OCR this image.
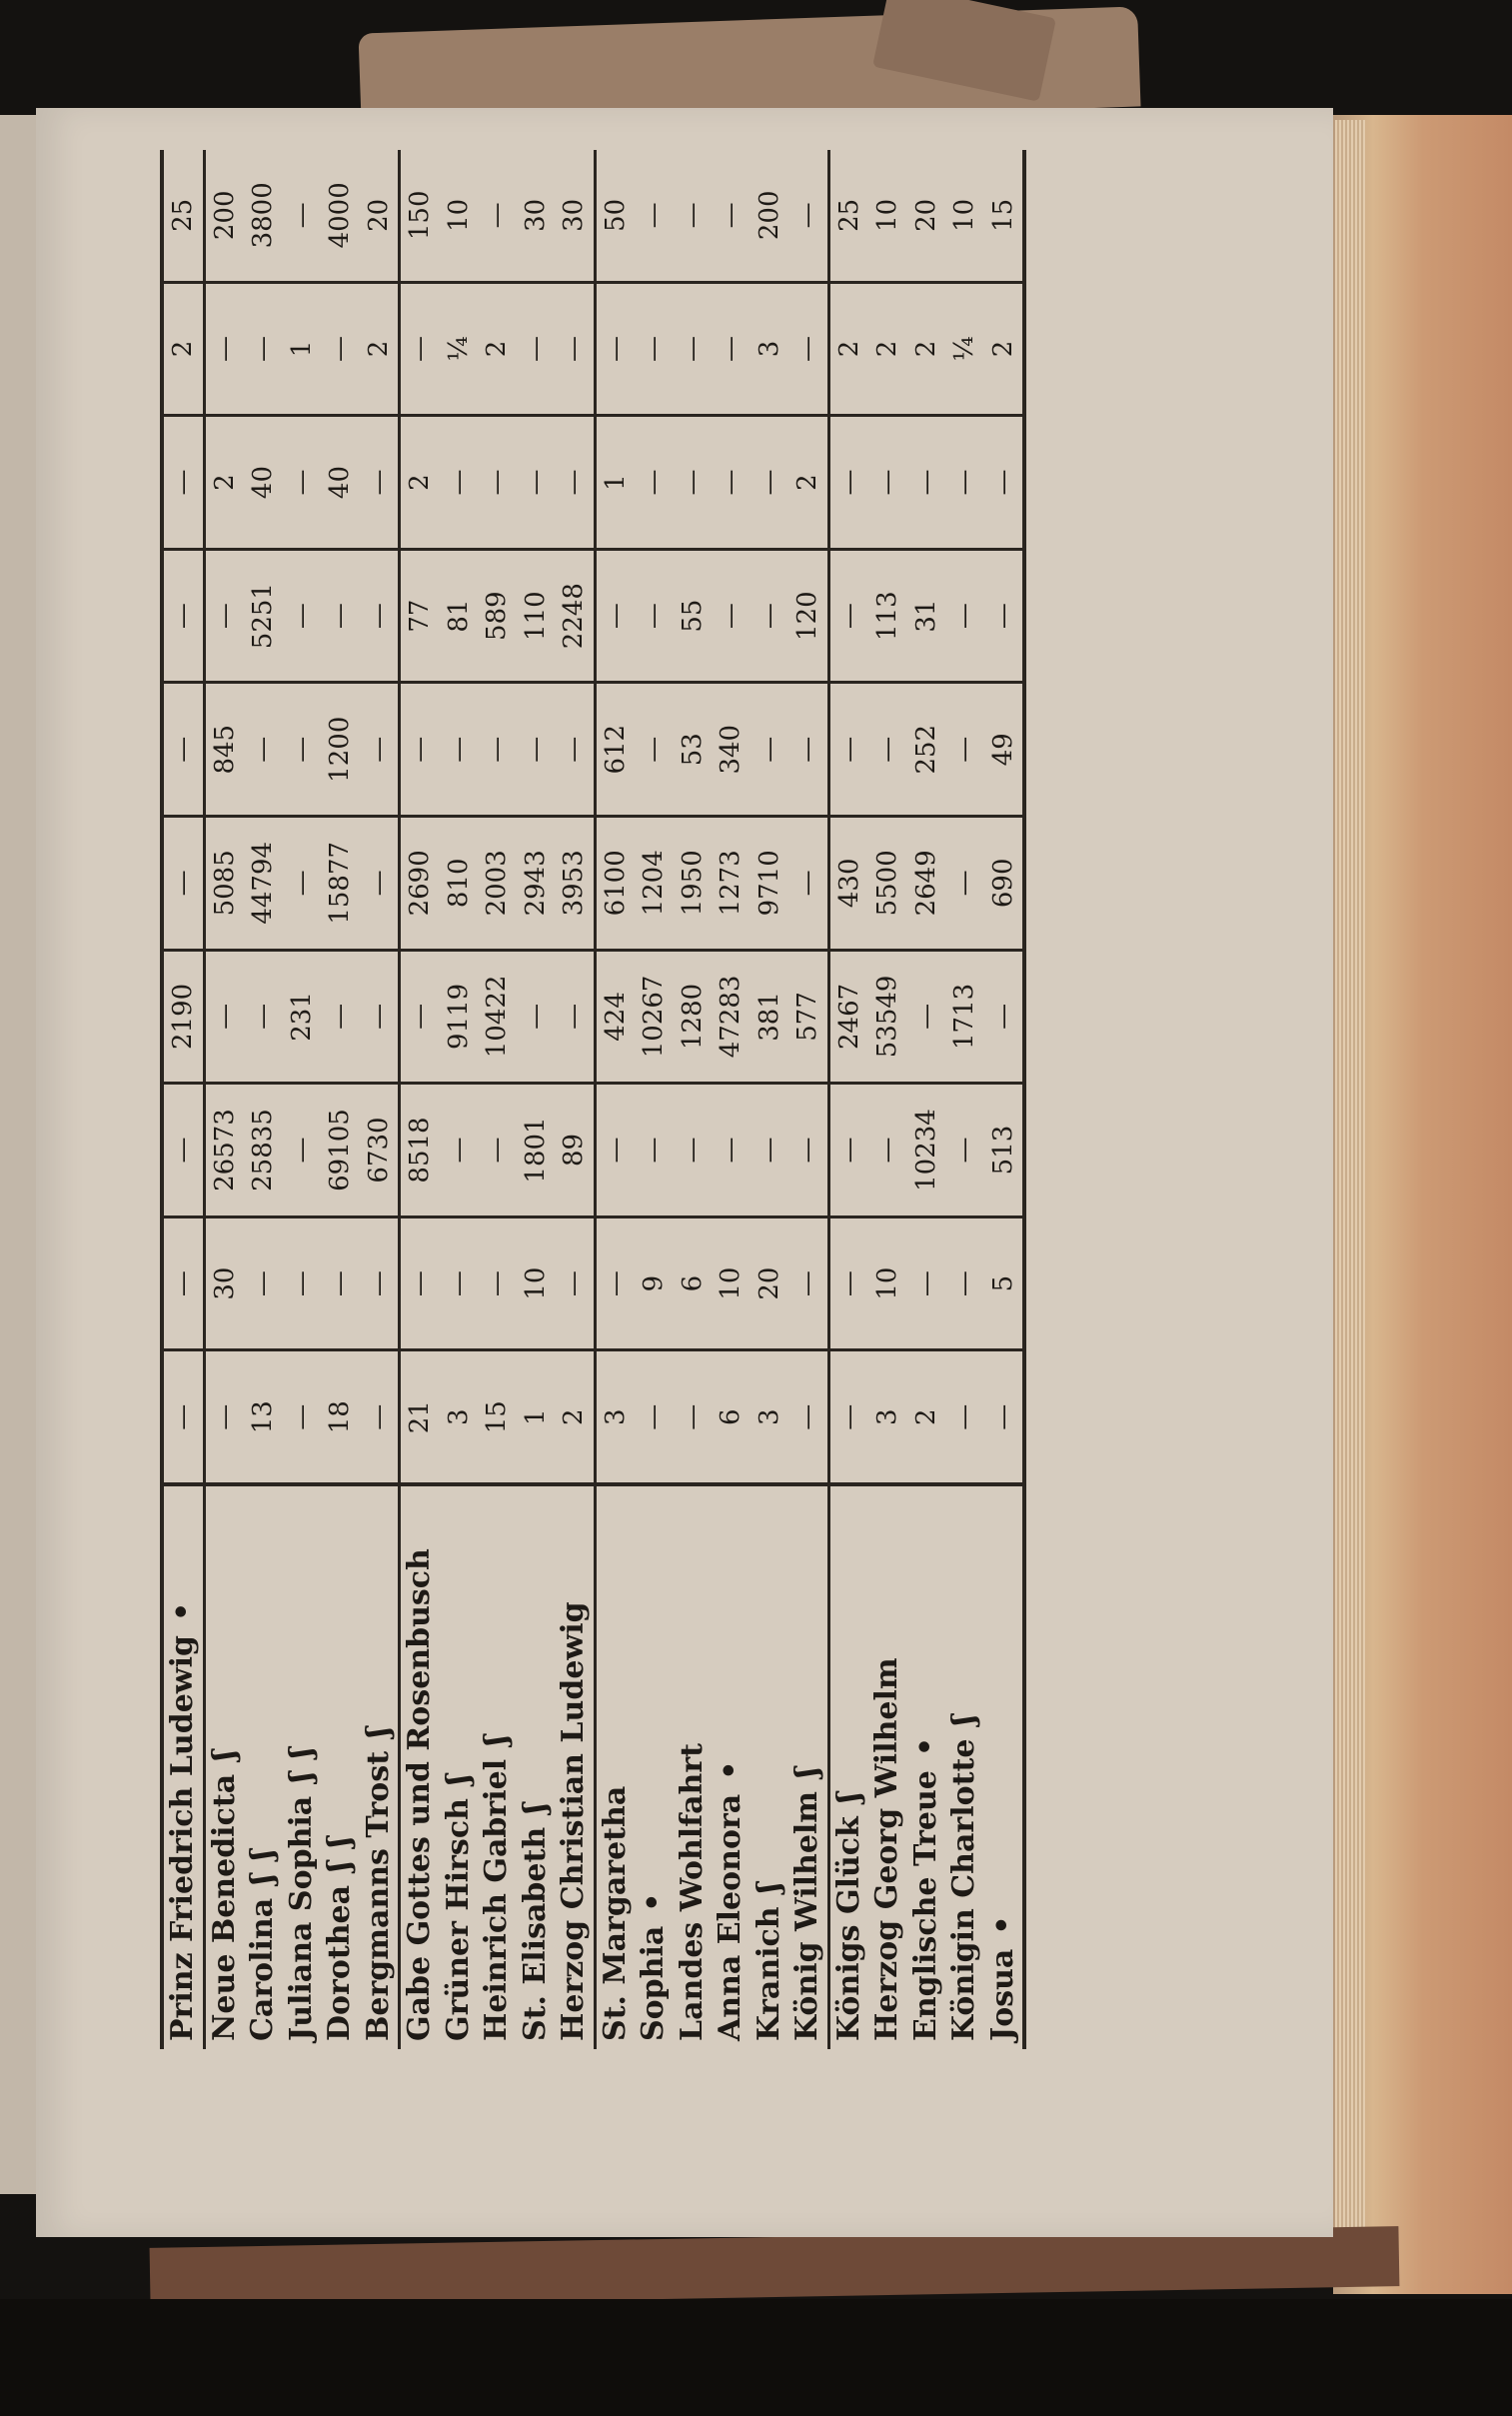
Prinz Friedrich Ludewig•	—	—	—	2190	—	—	—	—	2	25
Neue Benedictaʃ	—	30	26573	—	5085	845	—	2	—	200
Carolinaʃ ʃ	13	—	25835	—	44794	—	5251	40	—	3800
Juliana Sophiaʃ ʃ	—	—	—	231	—	—	—	—	1	—
Dorotheaʃ ʃ	18	—	69105	—	15877	1200	—	40	—	4000
Bergmanns Trostʃ	—	—	6730	—	—	—	—	—	2	20
Gabe Gottes und Rosenbusch	21	—	8518	—	2690	—	77	2	—	150
Grüner Hirschʃ	3	—	—	9119	810	—	81	—	¼	10
Heinrich Gabrielʃ	15	—	—	10422	2003	—	589	—	2	—
St. Elisabethʃ	1	10	1801	—	2943	—	110	—	—	30
Herzog Christian Ludewig	2	—	89	—	3953	—	2248	—	—	30
St. Margaretha	3	—	—	424	6100	612	—	1	—	50
Sophia•	—	9	—	10267	1204	—	—	—	—	—
Landes Wohlfahrt	—	6	—	1280	1950	53	55	—	—	—
Anna Eleonora•	6	10	—	47283	1273	340	—	—	—	—
Kranichʃ	3	20	—	381	9710	—	—	—	3	200
König Wilhelmʃ	—	—	—	577	—	—	120	2	—	—
Königs Glückʃ	—	—	—	2467	430	—	—	—	2	25
Herzog Georg Wilhelm	3	10	—	53549	5500	—	113	—	2	10
Englische Treue•	2	—	10234	—	2649	252	31	—	2	20
Königin Charlotteʃ	—	—	—	1713	—	—	—	—	¼	10
Josua•	—	5	513	—	690	49	—	—	2	15
